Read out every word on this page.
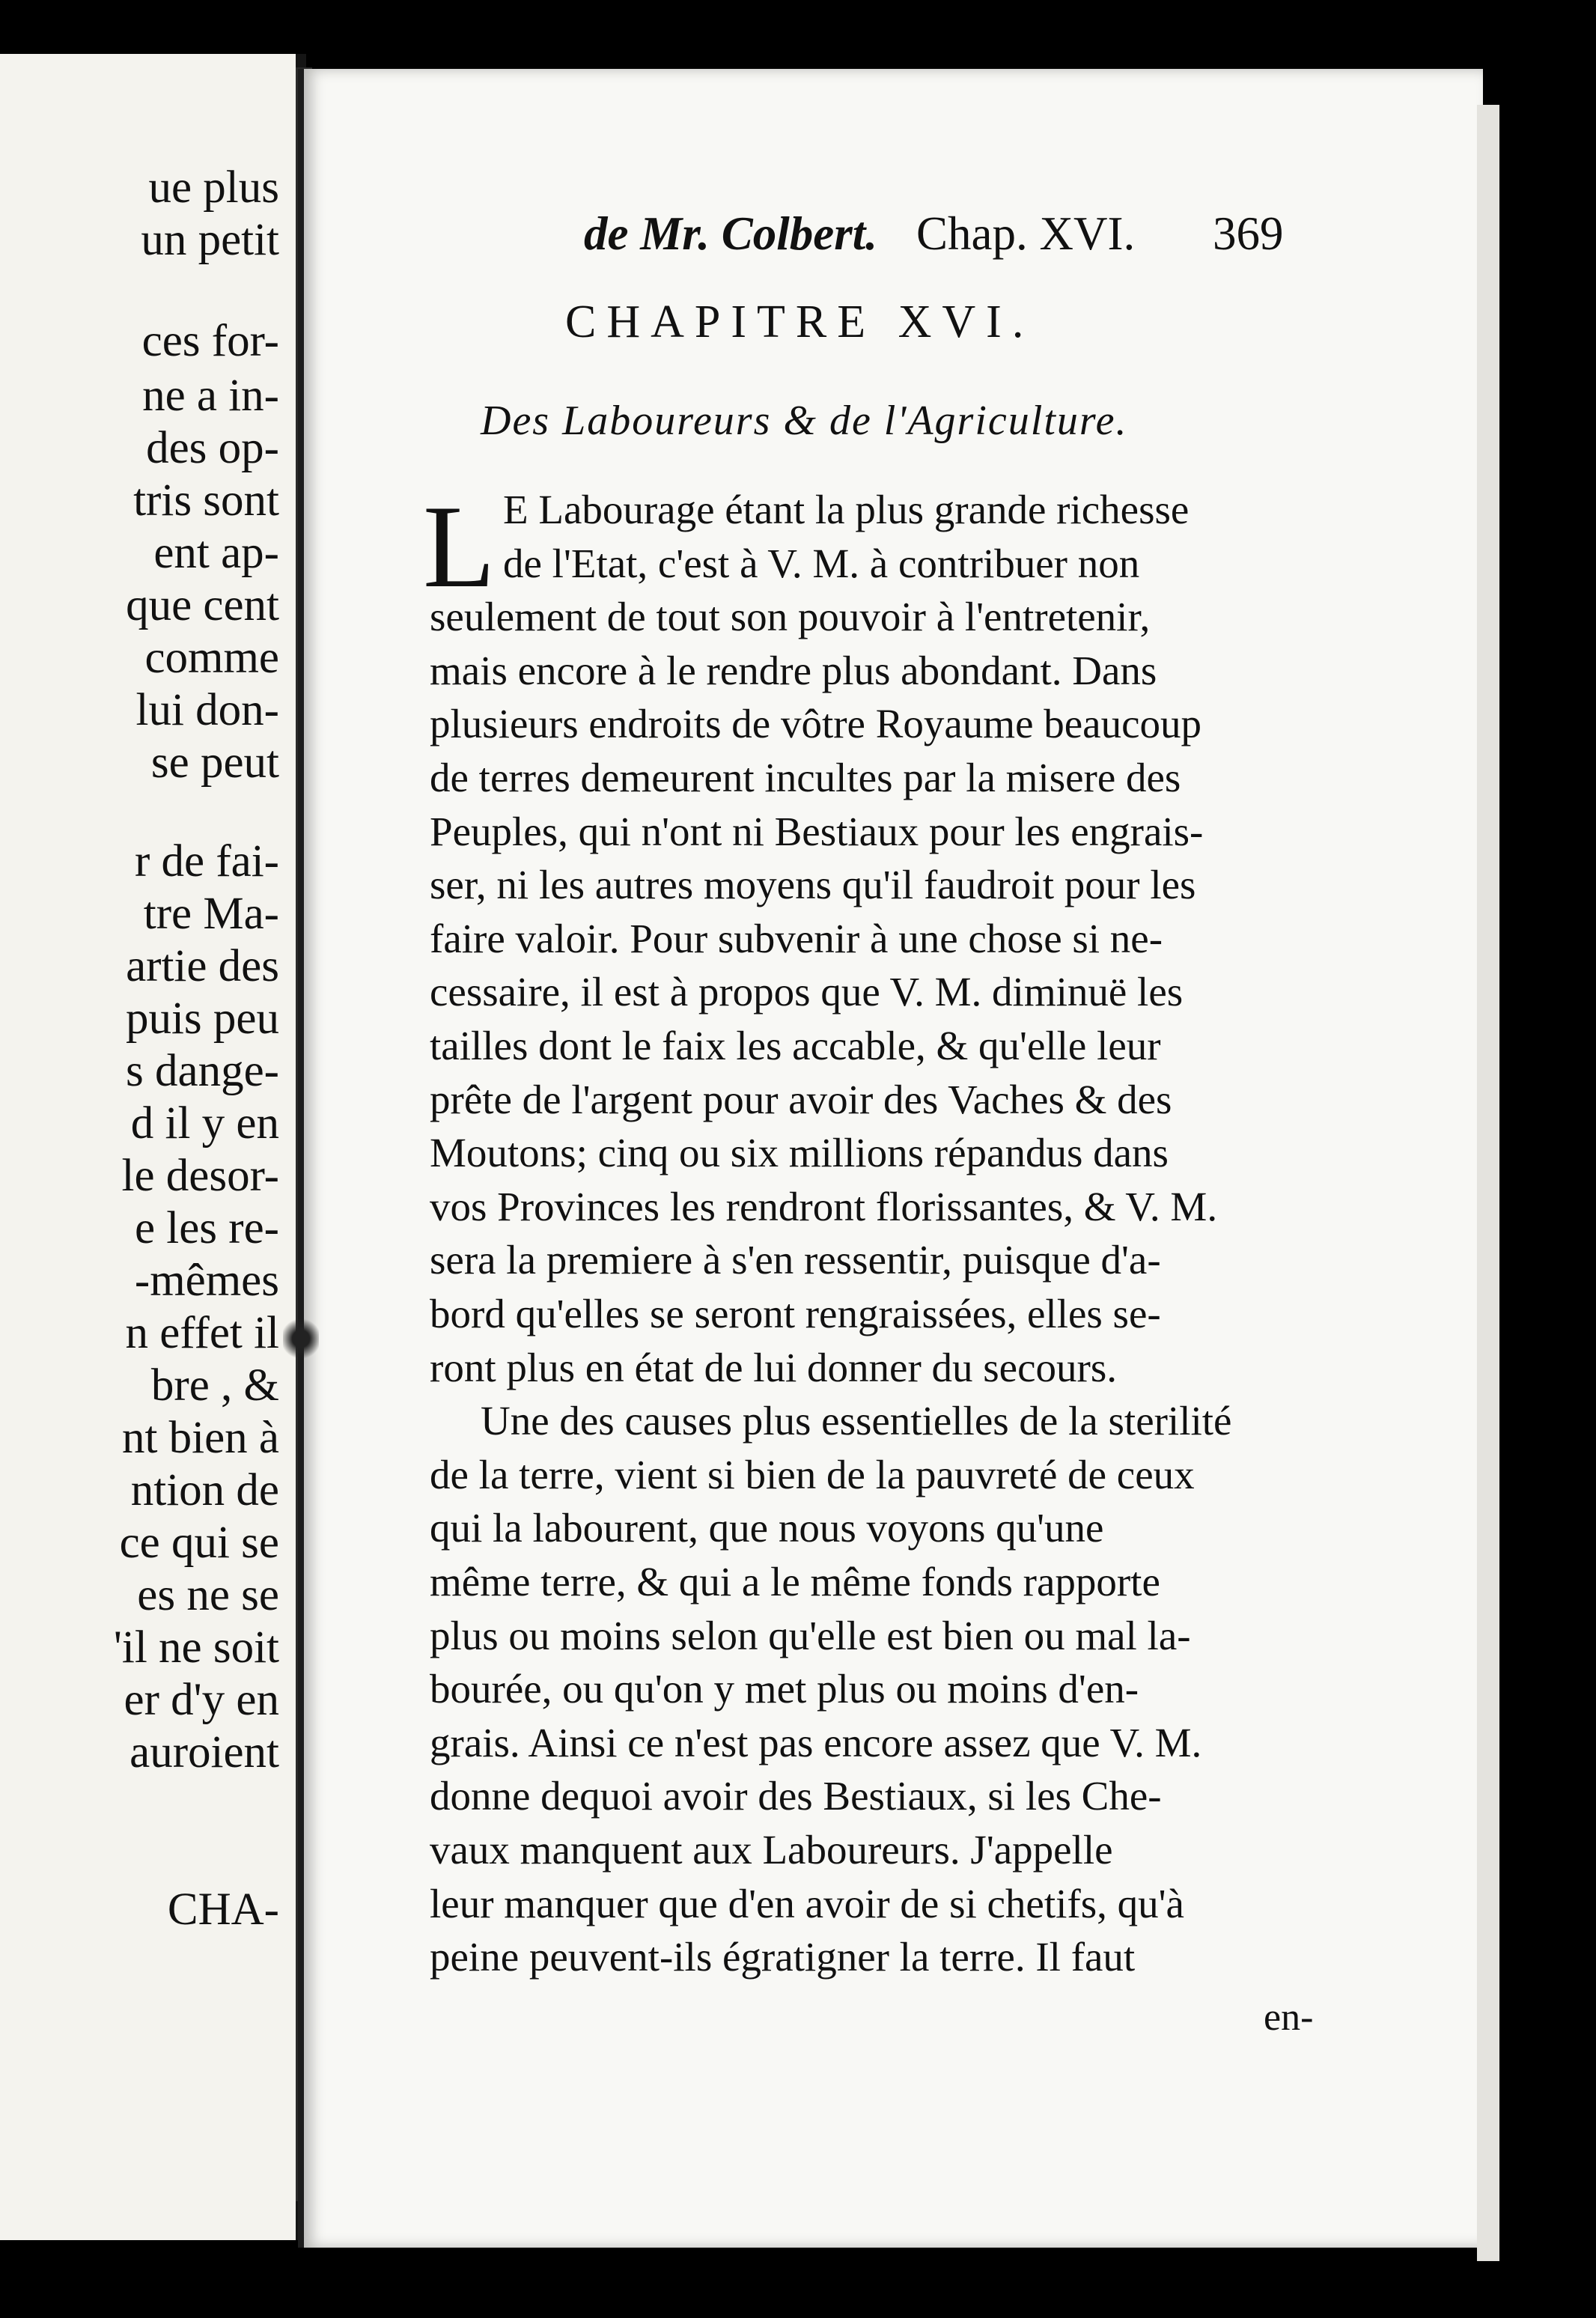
ue plus
un petit
ces for-
ne a in-
des op-
tris sont
ent ap-
que cent
comme
lui don-
se peut
r de fai-
tre Ma-
artie des
puis peu
s dange-
d il y en
le desor-
e les re-
-mêmes
n effet il
bre , &
nt bien à
ntion de
ce qui se
es ne se
'il ne soit
er d'y en
auroient
CHA-
de Mr. Colbert. Chap. XVI. 369
CHAPITRE XVI.
Des Laboureurs & de l'Agriculture.
L E Labourage étant la plus grande richesse
de l'Etat, c'est à V. M. à contribuer non
seulement de tout son pouvoir à l'entretenir,
mais encore à le rendre plus abondant. Dans
plusieurs endroits de vôtre Royaume beaucoup
de terres demeurent incultes par la misere des
Peuples, qui n'ont ni Bestiaux pour les engrais-
ser, ni les autres moyens qu'il faudroit pour les
faire valoir. Pour subvenir à une chose si ne-
cessaire, il est à propos que V. M. diminuë les
tailles dont le faix les accable, & qu'elle leur
prête de l'argent pour avoir des Vaches & des
Moutons; cinq ou six millions répandus dans
vos Provinces les rendront florissantes, & V. M.
sera la premiere à s'en ressentir, puisque d'a-
bord qu'elles se seront rengraissées, elles se-
ront plus en état de lui donner du secours.
Une des causes plus essentielles de la sterilité
de la terre, vient si bien de la pauvreté de ceux
qui la labourent, que nous voyons qu'une
même terre, & qui a le même fonds rapporte
plus ou moins selon qu'elle est bien ou mal la-
bourée, ou qu'on y met plus ou moins d'en-
grais. Ainsi ce n'est pas encore assez que V. M.
donne dequoi avoir des Bestiaux, si les Che-
vaux manquent aux Laboureurs. J'appelle
leur manquer que d'en avoir de si chetifs, qu'à
peine peuvent-ils égratigner la terre. Il faut
en-
